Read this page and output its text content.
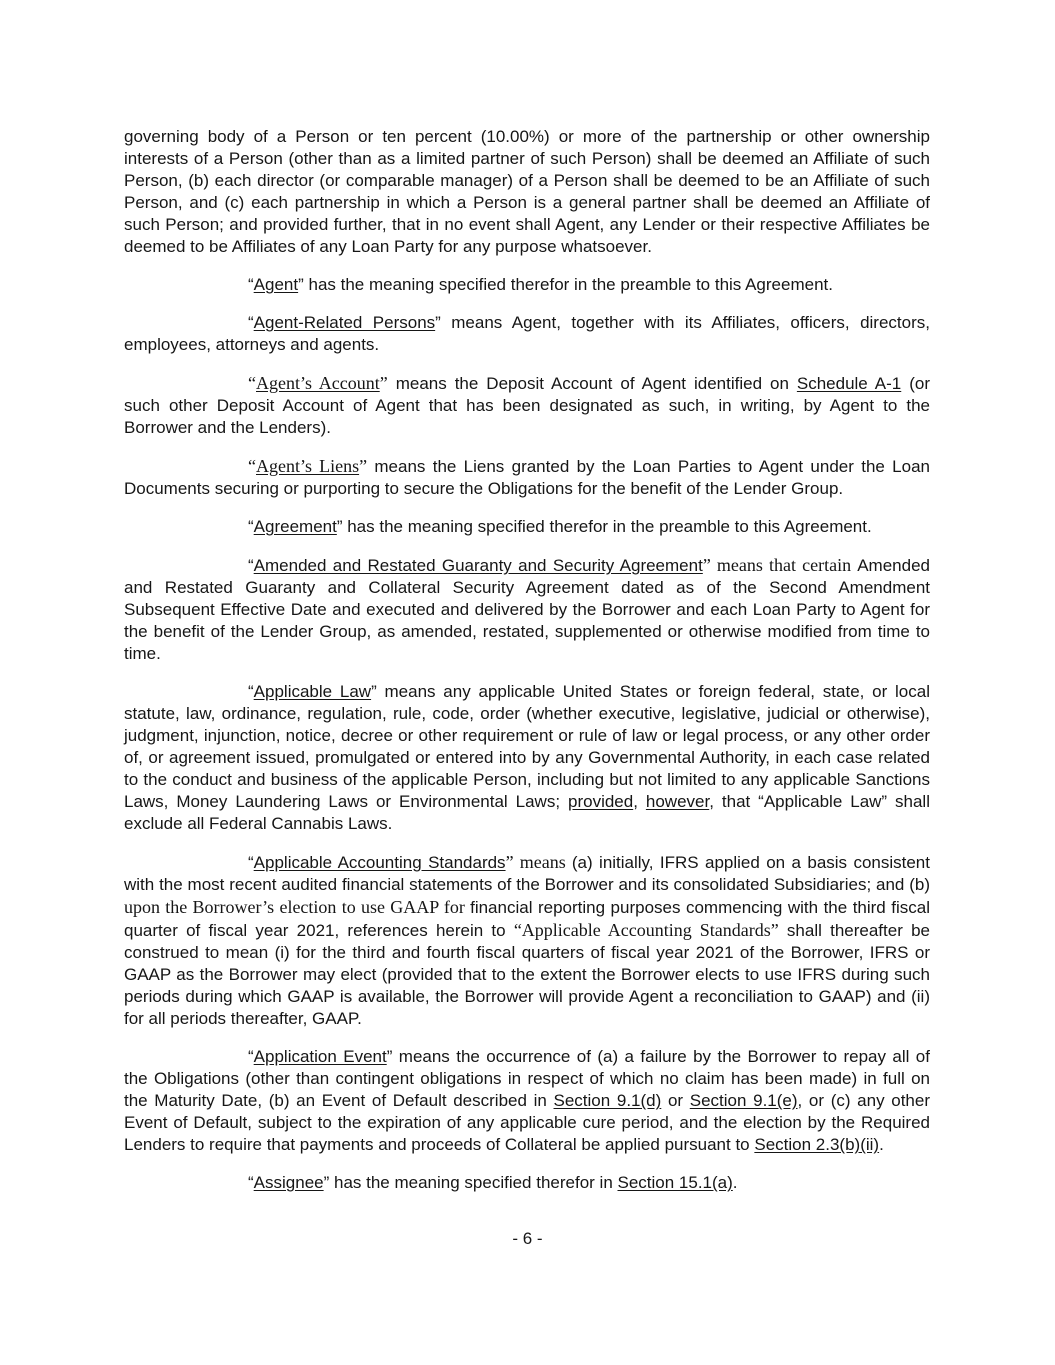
governing body of a Person or ten percent (10.00%) or more of the partnership or other ownership interests of a Person (other than as a limited partner of such Person) shall be deemed an Affiliate of such Person, (b) each director (or comparable manager) of a Person shall be deemed to be an Affiliate of such Person, and (c) each partnership in which a Person is a general partner shall be deemed an Affiliate of such Person; and provided further, that in no event shall Agent, any Lender or their respective Affiliates be deemed to be Affiliates of any Loan Party for any purpose whatsoever.

“Agent” has the meaning specified therefor in the preamble to this Agreement.

“Agent-Related Persons” means Agent, together with its Affiliates, officers, directors, employees, attorneys and agents.

“Agent’s Account” means the Deposit Account of Agent identified on Schedule A-1 (or such other Deposit Account of Agent that has been designated as such, in writing, by Agent to the Borrower and the Lenders).

“Agent’s Liens” means the Liens granted by the Loan Parties to Agent under the Loan Documents securing or purporting to secure the Obligations for the benefit of the Lender Group.

“Agreement” has the meaning specified therefor in the preamble to this Agreement.

“Amended and Restated Guaranty and Security Agreement” means that certain Amended and Restated Guaranty and Collateral Security Agreement dated as of the Second Amendment Subsequent Effective Date and executed and delivered by the Borrower and each Loan Party to Agent for the benefit of the Lender Group, as amended, restated, supplemented or otherwise modified from time to time.

“Applicable Law” means any applicable United States or foreign federal, state, or local statute, law, ordinance, regulation, rule, code, order (whether executive, legislative, judicial or otherwise), judgment, injunction, notice, decree or other requirement or rule of law or legal process, or any other order of, or agreement issued, promulgated or entered into by any Governmental Authority, in each case related to the conduct and business of the applicable Person, including but not limited to any applicable Sanctions Laws, Money Laundering Laws or Environmental Laws; provided, however, that “Applicable Law” shall exclude all Federal Cannabis Laws.

“Applicable Accounting Standards” means (a) initially, IFRS applied on a basis consistent with the most recent audited financial statements of the Borrower and its consolidated Subsidiaries; and (b) upon the Borrower’s election to use GAAP for financial reporting purposes commencing with the third fiscal quarter of fiscal year 2021, references herein to “Applicable Accounting Standards” shall thereafter be construed to mean (i) for the third and fourth fiscal quarters of fiscal year 2021 of the Borrower, IFRS or GAAP as the Borrower may elect (provided that to the extent the Borrower elects to use IFRS during such periods during which GAAP is available, the Borrower will provide Agent a reconciliation to GAAP) and (ii) for all periods thereafter, GAAP.

“Application Event” means the occurrence of (a) a failure by the Borrower to repay all of the Obligations (other than contingent obligations in respect of which no claim has been made) in full on the Maturity Date, (b) an Event of Default described in Section 9.1(d) or Section 9.1(e), or (c) any other Event of Default, subject to the expiration of any applicable cure period, and the election by the Required Lenders to require that payments and proceeds of Collateral be applied pursuant to Section 2.3(b)(ii).

“Assignee” has the meaning specified therefor in Section 15.1(a).

- 6 -
